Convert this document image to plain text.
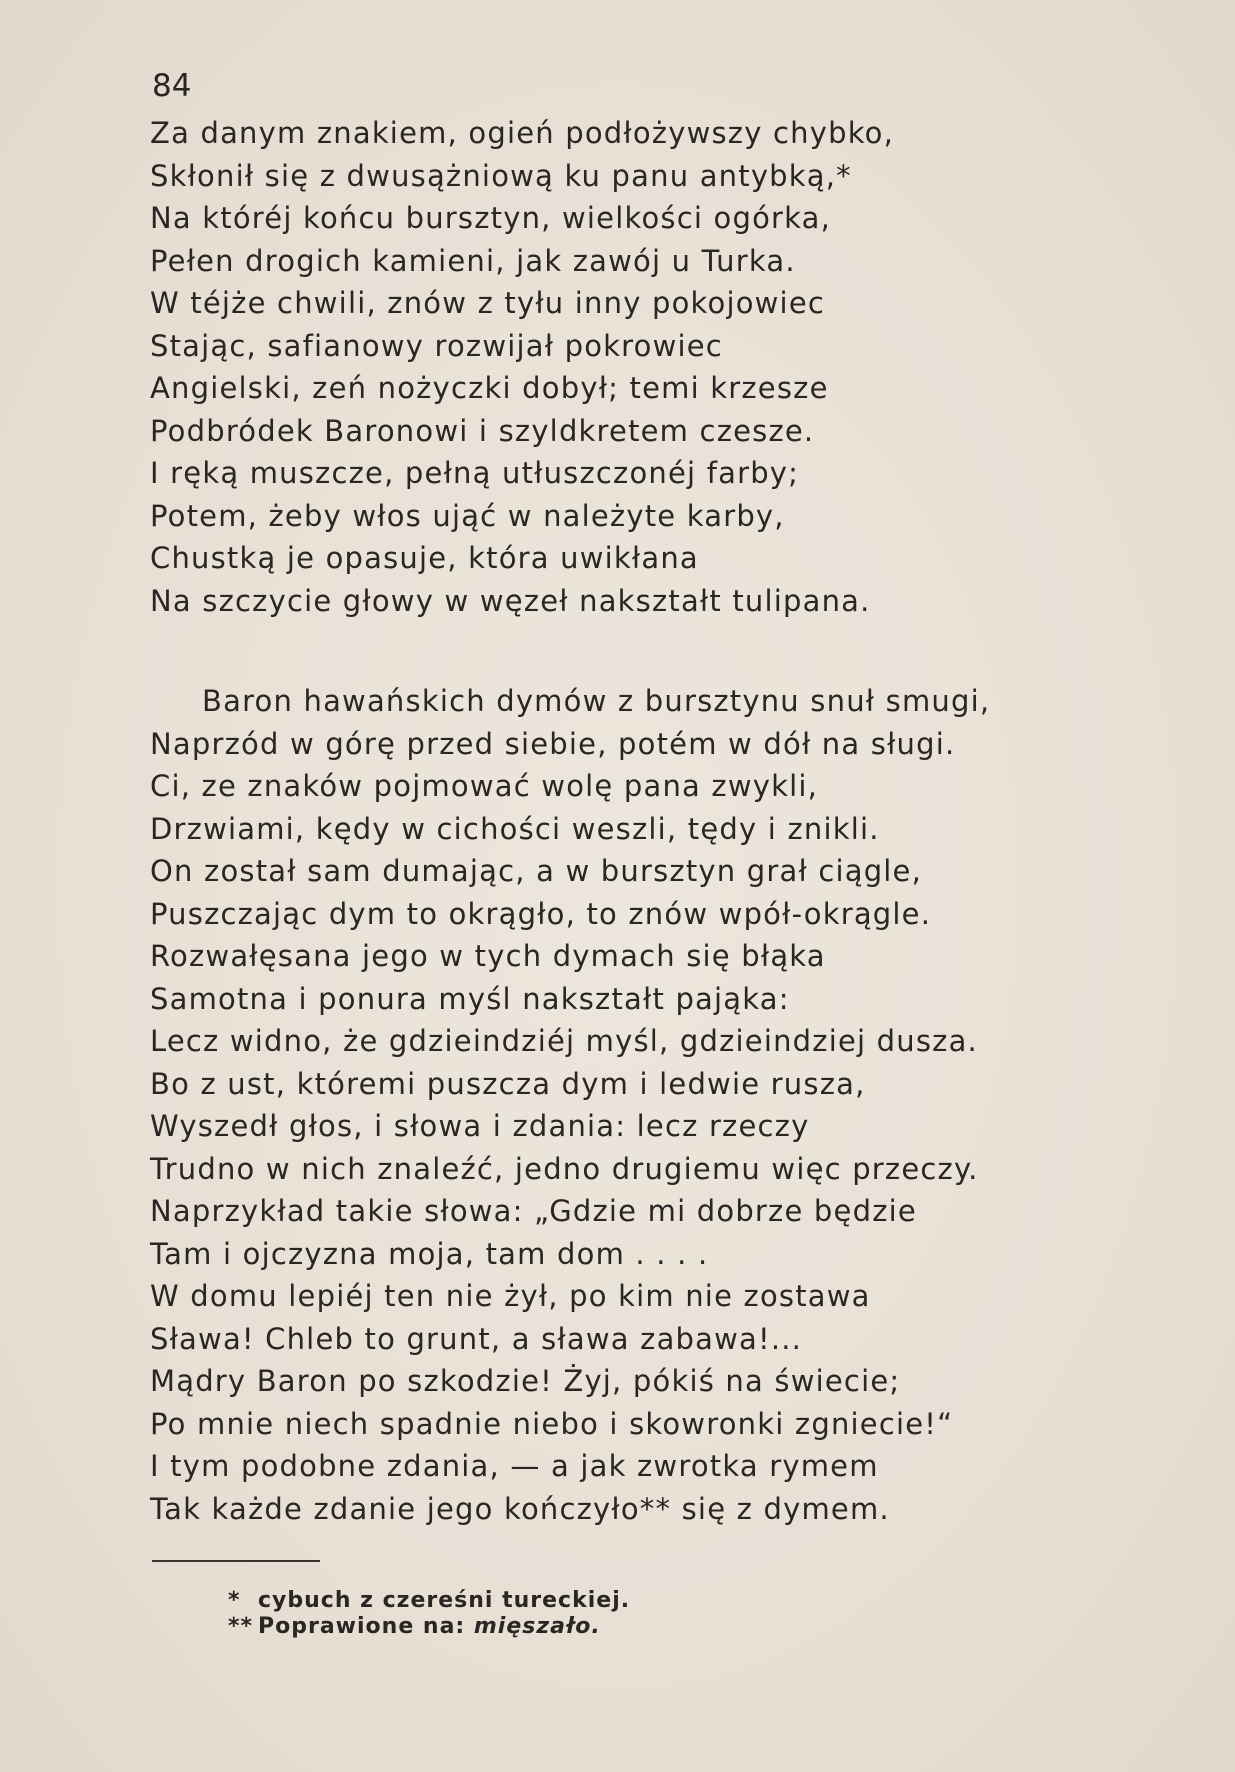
84
Za danym znakiem, ogień podłożywszy chybko,
Skłonił się z dwusążniową ku panu antybką,*
Na któréj końcu bursztyn, wielkości ogórka,
Pełen drogich kamieni, jak zawój u Turka.
W téjże chwili, znów z tyłu inny pokojowiec
Stając, safianowy rozwijał pokrowiec
Angielski, zeń nożyczki dobył; temi krzesze
Podbródek Baronowi i szyldkretem czesze.
I ręką muszcze, pełną utłuszczonéj farby;
Potem, żeby włos ująć w należyte karby,
Chustką je opasuje, która uwikłana
Na szczycie głowy w węzeł nakształt tulipana.
Baron hawańskich dymów z bursztynu snuł smugi,
Naprzód w górę przed siebie, potém w dół na sługi.
Ci, ze znaków pojmować wolę pana zwykli,
Drzwiami, kędy w cichości weszli, tędy i znikli.
On został sam dumając, a w bursztyn grał ciągle,
Puszczając dym to okrągło, to znów wpół-okrągle.
Rozwałęsana jego w tych dymach się błąka
Samotna i ponura myśl nakształt pająka:
Lecz widno, że gdzieindziéj myśl, gdzieindziej dusza.
Bo z ust, któremi puszcza dym i ledwie rusza,
Wyszedł głos, i słowa i zdania: lecz rzeczy
Trudno w nich znaleźć, jedno drugiemu więc przeczy.
Naprzykład takie słowa: „Gdzie mi dobrze będzie
Tam i ojczyzna moja, tam dom . . . .
W domu lepiéj ten nie żył, po kim nie zostawa
Sława! Chleb to grunt, a sława zabawa!...
Mądry Baron po szkodzie! Żyj, pókiś na świecie;
Po mnie niech spadnie niebo i skowronki zgniecie!“
I tym podobne zdania, — a jak zwrotka rymem
Tak każde zdanie jego kończyło** się z dymem.
* cybuch z czereśni tureckiej.
** Poprawione na: mięszało.
